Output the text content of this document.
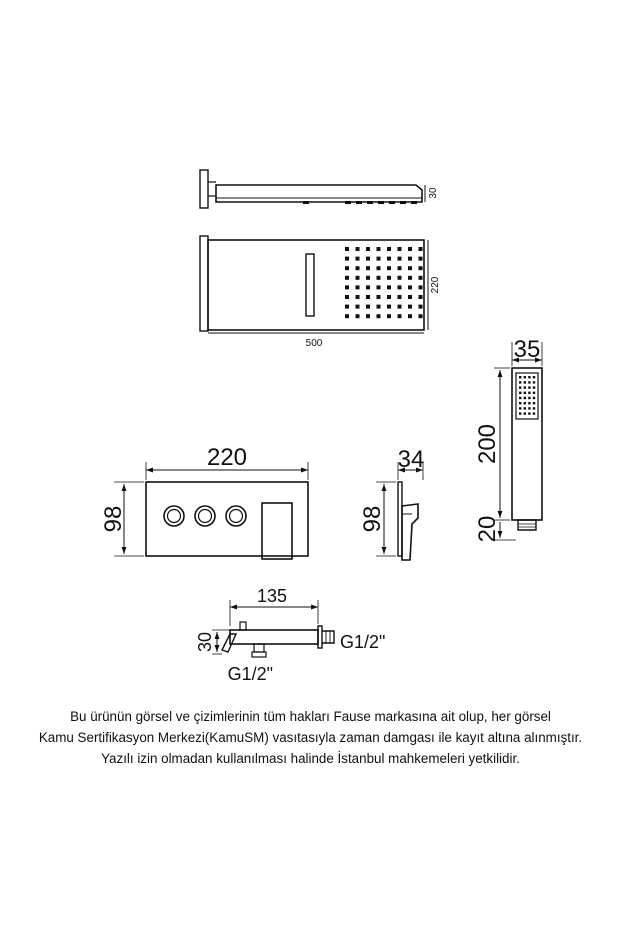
30
220
500	35
200
20
220
98
34
98
135
30	G1/2"
G1/2"

Bu ürünün görsel ve çizimlerinin tüm hakları Fause markasına ait olup, her görsel

Kamu Sertifikasyon Merkezi(KamuSM) vasıtasıyla zaman damgası ile kayıt altına alınmıştır.

Yazılı izin olmadan kullanılması halinde İstanbul mahkemeleri yetkilidir.
